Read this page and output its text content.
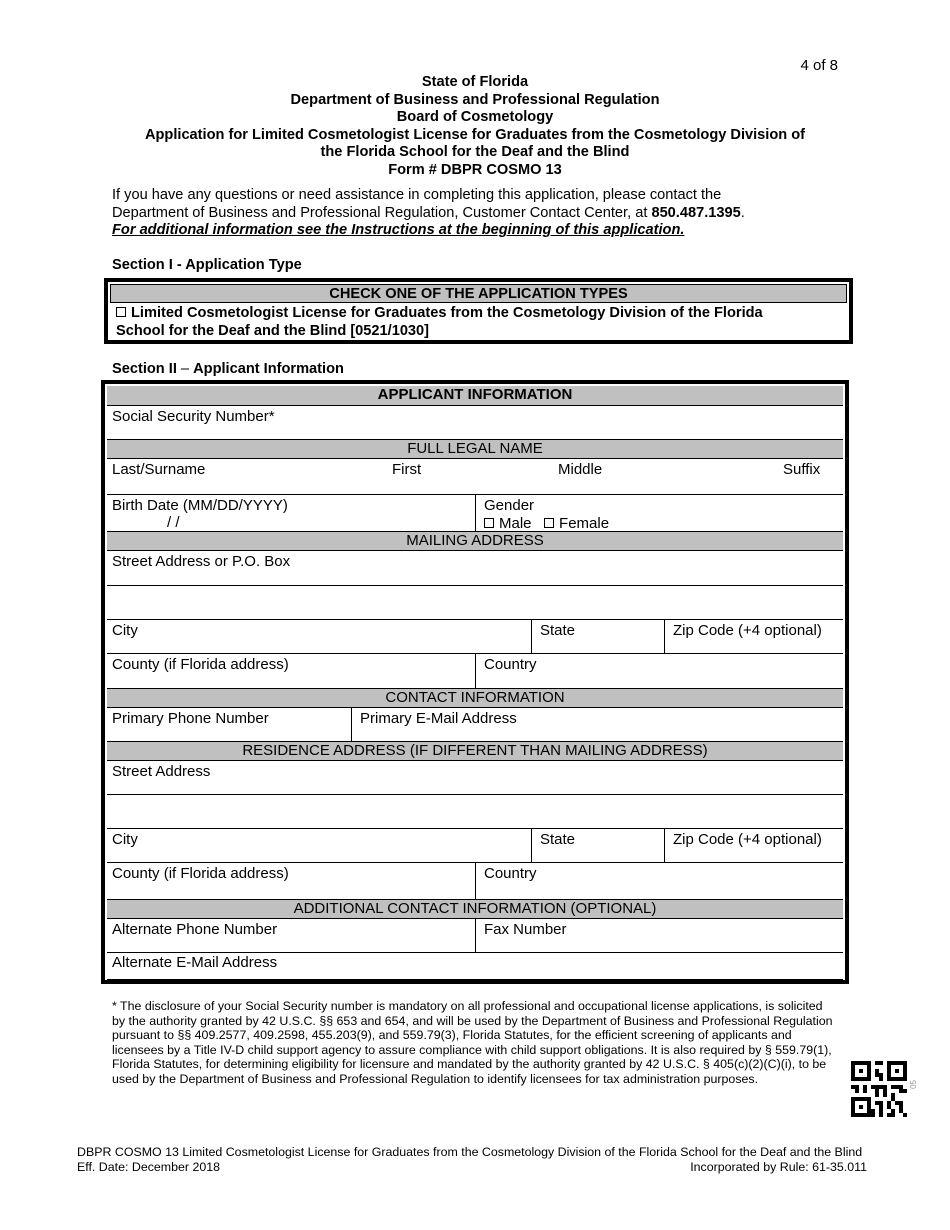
4 of 8
State of Florida
Department of Business and Professional Regulation
Board of Cosmetology
Application for Limited Cosmetologist License for Graduates from the Cosmetology Division of
the Florida School for the Deaf and the Blind
Form # DBPR COSMO 13
If you have any questions or need assistance in completing this application, please contact the
Department of Business and Professional Regulation, Customer Contact Center, at 850.487.1395.
For additional information see the Instructions at the beginning of this application.
Section I - Application Type
CHECK ONE OF THE APPLICATION TYPES
Limited Cosmetologist License for Graduates from the Cosmetology Division of the Florida
School for the Deaf and the Blind [0521/1030]
Section II – Applicant Information
APPLICANT INFORMATION
Social Security Number*
FULL LEGAL NAME
Last/Surname	First	Middle	Suffix
Birth Date (MM/DD/YYYY)
/ /
Gender
Male Female
MAILING ADDRESS
Street Address or P.O. Box
City	State	Zip Code (+4 optional)
County (if Florida address)	Country
CONTACT INFORMATION
Primary Phone Number	Primary E-Mail Address
RESIDENCE ADDRESS (IF DIFFERENT THAN MAILING ADDRESS)
Street Address
City	State	Zip Code (+4 optional)
County (if Florida address)	Country
ADDITIONAL CONTACT INFORMATION (OPTIONAL)
Alternate Phone Number	Fax Number
Alternate E-Mail Address
* The disclosure of your Social Security number is mandatory on all professional and occupational license applications, is solicited by the authority granted by 42 U.S.C. §§ 653 and 654, and will be used by the Department of Business and Professional Regulation pursuant to §§ 409.2577, 409.2598, 455.203(9), and 559.79(3), Florida Statutes, for the efficient screening of applicants and licensees by a Title IV-D child support agency to assure compliance with child support obligations. It is also required by § 559.79(1), Florida Statutes, for determining eligibility for licensure and mandated by the authority granted by 42 U.S.C. § 405(c)(2)(C)(i), to be used by the Department of Business and Professional Regulation to identify licensees for tax administration purposes.	05
DBPR COSMO 13 Limited Cosmetologist License for Graduates from the Cosmetology Division of the Florida School for the Deaf and the Blind
Eff. Date: December 2018	Incorporated by Rule: 61-35.011
